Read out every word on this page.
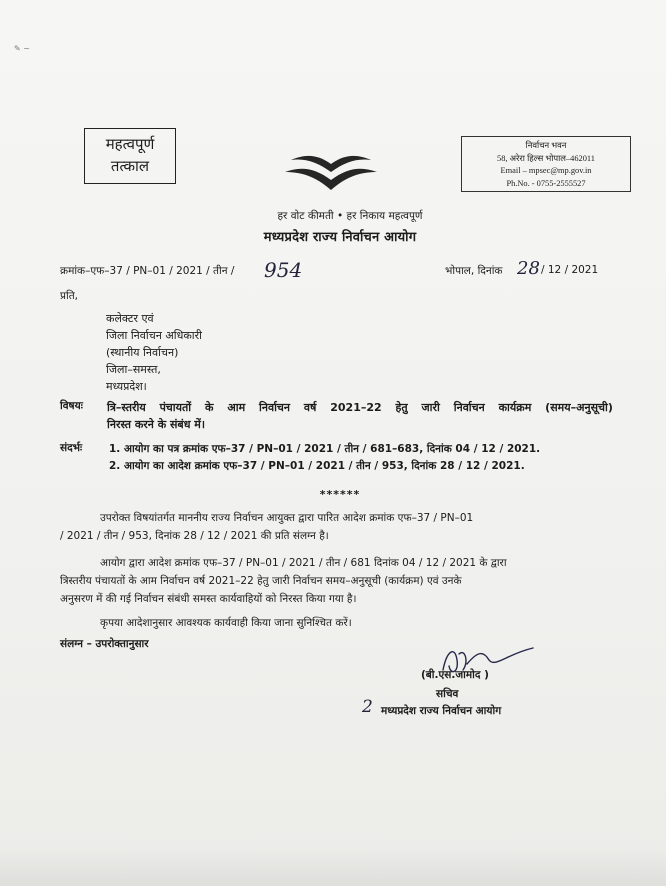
✎ ~
महत्वपूर्ण
तत्काल
निर्वाचन भवन
58, अरेरा हिल्स भोपाल–462011
Email – mpsec@mp.gov.in
Ph.No. - 0755-2555527
हर वोट कीमती • हर निकाय महत्वपूर्ण
मध्यप्रदेश राज्य निर्वाचन आयोग
क्रमांक–एफ–37 / PN–01 / 2021 / तीन / 954	भोपाल, दिनांक 28 / 12 / 2021
प्रति,
कलेक्टर एवं
जिला निर्वाचन अधिकारी
(स्थानीय निर्वाचन)
जिला–समस्त,
मध्यप्रदेश।
विषयः त्रि–स्तरीय पंचायतों के आम निर्वाचन वर्ष 2021–22 हेतु जारी निर्वाचन कार्यक्रम (समय–अनुसूची)
निरस्त करने के संबंध में।
संदर्भः	1. आयोग का पत्र क्रमांक एफ–37 / PN–01 / 2021 / तीन / 681–683, दिनांक 04 / 12 / 2021.
2. आयोग का आदेश क्रमांक एफ–37 / PN–01 / 2021 / तीन / 953, दिनांक 28 / 12 / 2021.
******
उपरोक्त विषयांतर्गत माननीय राज्य निर्वाचन आयुक्त द्वारा पारित आदेश क्रमांक एफ–37 / PN–01
/ 2021 / तीन / 953, दिनांक 28 / 12 / 2021 की प्रति संलग्न है।
आयोग द्वारा आदेश क्रमांक एफ–37 / PN–01 / 2021 / तीन / 681 दिनांक 04 / 12 / 2021 के द्वारा
त्रिस्तरीय पंचायतों के आम निर्वाचन वर्ष 2021–22 हेतु जारी निर्वाचन समय–अनुसूची (कार्यक्रम) एवं उनके
अनुसरण में की गई निर्वाचन संबंधी समस्त कार्यवाहियों को निरस्त किया गया है।
कृपया आदेशानुसार आवश्यक कार्यवाही किया जाना सुनिश्चित करें।
संलग्न – उपरोक्तानुसार
(बी.एस.जामोद )
सचिव
2 मध्यप्रदेश राज्य निर्वाचन आयोग
